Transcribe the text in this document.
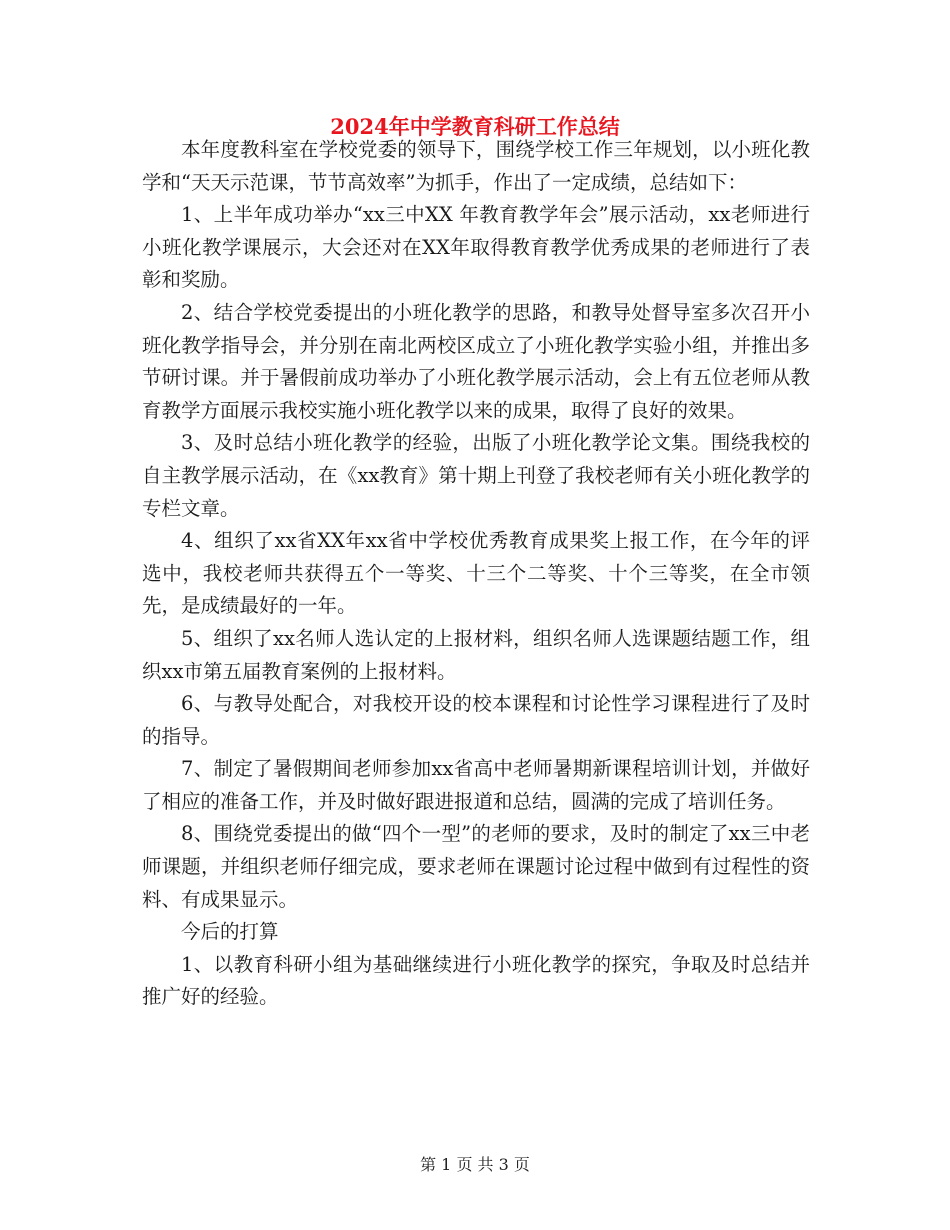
2024年中学教育科研工作总结

本年度教科室在学校党委的领导下，围绕学校工作三年规划，以小班化教学和“天天示范课，节节高效率”为抓手，作出了一定成绩，总结如下：

1、上半年成功举办“xx三中XX 年教育教学年会”展示活动，xx老师进行小班化教学课展示，大会还对在XX年取得教育教学优秀成果的老师进行了表彰和奖励。

2、结合学校党委提出的小班化教学的思路，和教导处督导室多次召开小班化教学指导会，并分别在南北两校区成立了小班化教学实验小组，并推出多节研讨课。并于暑假前成功举办了小班化教学展示活动，会上有五位老师从教育教学方面展示我校实施小班化教学以来的成果，取得了良好的效果。

3、及时总结小班化教学的经验，出版了小班化教学论文集。围绕我校的自主教学展示活动，在《xx教育》第十期上刊登了我校老师有关小班化教学的专栏文章。

4、组织了xx省XX年xx省中学校优秀教育成果奖上报工作，在今年的评选中，我校老师共获得五个一等奖、十三个二等奖、十个三等奖，在全市领先，是成绩最好的一年。

5、组织了xx名师人选认定的上报材料，组织名师人选课题结题工作，组织xx市第五届教育案例的上报材料。

6、与教导处配合，对我校开设的校本课程和讨论性学习课程进行了及时的指导。

7、制定了暑假期间老师参加xx省高中老师暑期新课程培训计划，并做好了相应的准备工作，并及时做好跟进报道和总结，圆满的完成了培训任务。

8、围绕党委提出的做“四个一型”的老师的要求，及时的制定了xx三中老师课题，并组织老师仔细完成，要求老师在课题讨论过程中做到有过程性的资料、有成果显示。

今后的打算

1、以教育科研小组为基础继续进行小班化教学的探究，争取及时总结并推广好的经验。

第 1 页 共 3 页
